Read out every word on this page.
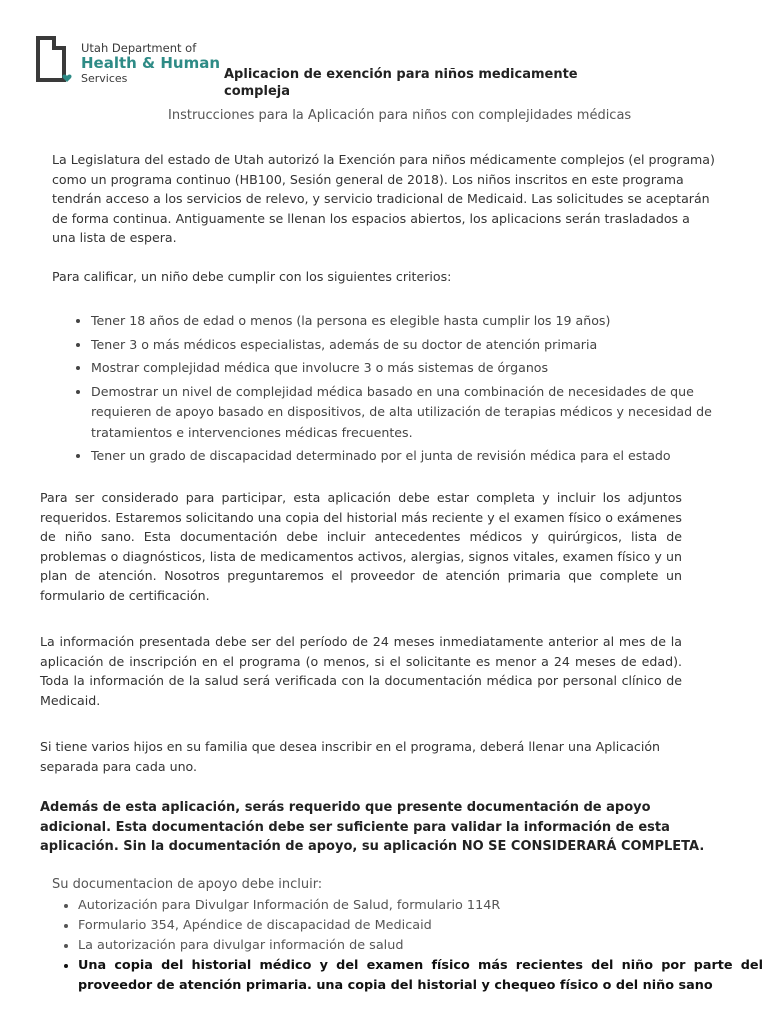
Utah Department of
Health & Human
Services	Aplicacion de exención para niños medicamente compleja
Instrucciones para la Aplicación para niños con complejidades médicas
La Legislatura del estado de Utah autorizó la Exención para niños médicamente complejos (el programa) como un programa continuo (HB100, Sesión general de 2018). Los niños inscritos en este programa tendrán acceso a los servicios de relevo, y servicio tradicional de Medicaid. Las solicitudes se aceptarán de forma continua. Antiguamente se llenan los espacios abiertos, los aplicacions serán trasladados a una lista de espera.
Para calificar, un niño debe cumplir con los siguientes criterios:
• Tener 18 años de edad o menos (la persona es elegible hasta cumplir los 19 años)
• Tener 3 o más médicos especialistas, además de su doctor de atención primaria
• Mostrar complejidad médica que involucre 3 o más sistemas de órganos
• Demostrar un nivel de complejidad médica basado en una combinación de necesidades de que requieren de apoyo basado en dispositivos, de alta utilización de terapias médicos y necesidad de tratamientos e intervenciones médicas frecuentes.
• Tener un grado de discapacidad determinado por el junta de revisión médica para el estado
Para ser considerado para participar, esta aplicación debe estar completa y incluir los adjuntos requeridos. Estaremos solicitando una copia del historial más reciente y el examen físico o exámenes de niño sano. Esta documentación debe incluir antecedentes médicos y quirúrgicos, lista de problemas o diagnósticos, lista de medicamentos activos, alergias, signos vitales, examen físico y un plan de atención. Nosotros preguntaremos el proveedor de atención primaria que complete un formulario de certificación.
La información presentada debe ser del período de 24 meses inmediatamente anterior al mes de la aplicación de inscripción en el programa (o menos, si el solicitante es menor a 24 meses de edad). Toda la información de la salud será verificada con la documentación médica por personal clínico de Medicaid.
Si tiene varios hijos en su familia que desea inscribir en el programa, deberá llenar una Aplicación separada para cada uno.
Además de esta aplicación, serás requerido que presente documentación de apoyo adicional. Esta documentación debe ser suficiente para validar la información de esta aplicación. Sin la documentación de apoyo, su aplicación NO SE CONSIDERARÁ COMPLETA.
Su documentacion de apoyo debe incluir:
• Autorización para Divulgar Información de Salud, formulario 114R
• Formulario 354, Apéndice de discapacidad de Medicaid
• La autorización para divulgar información de salud
• Una copia del historial médico y del examen físico más recientes del niño por parte del proveedor de atención primaria. una copia del historial y chequeo físico o del niño sano
